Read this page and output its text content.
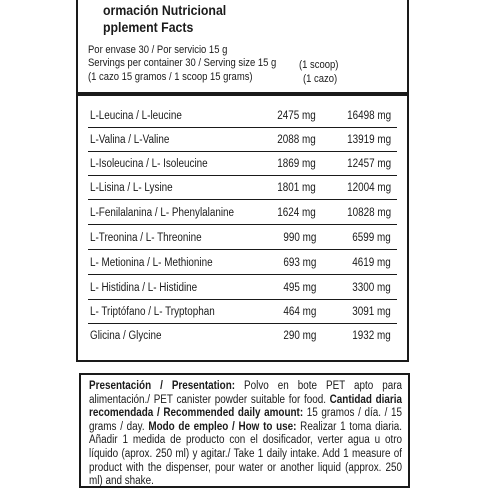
ormación Nutricional
pplement Facts
Por envase 30 / Por servicio 15 g
Servings per container 30 / Serving size 15 g
(1 cazo 15 gramos / 1 scoop 15 grams)
(1 scoop)
(1 cazo)
L-Leucina / L-leucine	2475 mg	16498 mg
L-Valina / L-Valine	2088 mg	13919 mg
L-Isoleucina / L- Isoleucine	1869 mg	12457 mg
L-Lisina / L- Lysine	1801 mg	12004 mg
L-Fenilalanina / L- Phenylalanine	1624 mg	10828 mg
L-Treonina / L- Threonine	990 mg	6599 mg
L- Metionina / L- Methionine	693 mg	4619 mg
L- Histidina / L- Histidine	495 mg	3300 mg
L- Triptófano / L- Tryptophan	464 mg	3091 mg
Glicina / Glycine	290 mg	1932 mg

Presentación / Presentation: Polvo en bote PET apto para alimentación./ PET canister powder suitable for food. Cantidad diaria recomendada / Recommended daily amount: 15 gramos / día. / 15 grams / day. Modo de empleo / How to use: Realizar 1 toma diaria. Añadir 1 medida de producto con el dosificador, verter agua u otro líquido (aprox. 250 ml) y agitar./ Take 1 daily intake. Add 1 measure of product with the dispenser, pour water or another liquid (approx. 250 ml) and shake.
